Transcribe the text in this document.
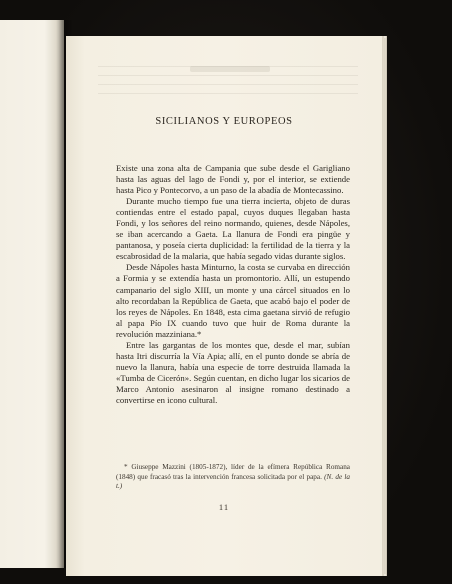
SICILIANOS Y EUROPEOS

Existe una zona alta de Campania que sube desde el Garigliano hasta las aguas del lago de Fondi y, por el interior, se extiende hasta Pico y Pontecorvo, a un paso de la abadía de Montecassino.

Durante mucho tiempo fue una tierra incierta, objeto de duras contiendas entre el estado papal, cuyos duques llegaban hasta Fondi, y los señores del reino normando, quienes, desde Nápoles, se iban acercando a Gaeta. La llanura de Fondi era pingüe y pantanosa, y poseía cierta duplicidad: la fertilidad de la tierra y la escabrosidad de la malaria, que había segado vidas durante siglos.

Desde Nápoles hasta Minturno, la costa se curvaba en dirección a Formia y se extendía hasta un promontorio. Allí, un estupendo campanario del siglo XIII, un monte y una cárcel situados en lo alto recordaban la República de Gaeta, que acabó bajo el poder de los reyes de Nápoles. En 1848, esta cima gaetana sirvió de refugio al papa Pío IX cuando tuvo que huir de Roma durante la revolución mazziniana.*

Entre las gargantas de los montes que, desde el mar, subían hasta Itri discurría la Vía Apia; allí, en el punto donde se abría de nuevo la llanura, había una especie de torre destruida llamada la «Tumba de Cicerón». Según cuentan, en dicho lugar los sicarios de Marco Antonio asesinaron al insigne romano destinado a convertirse en icono cultural.

* Giuseppe Mazzini (1805-1872), líder de la efímera República Romana (1848) que fracasó tras la intervención francesa solicitada por el papa. (N. de la t.)

11
